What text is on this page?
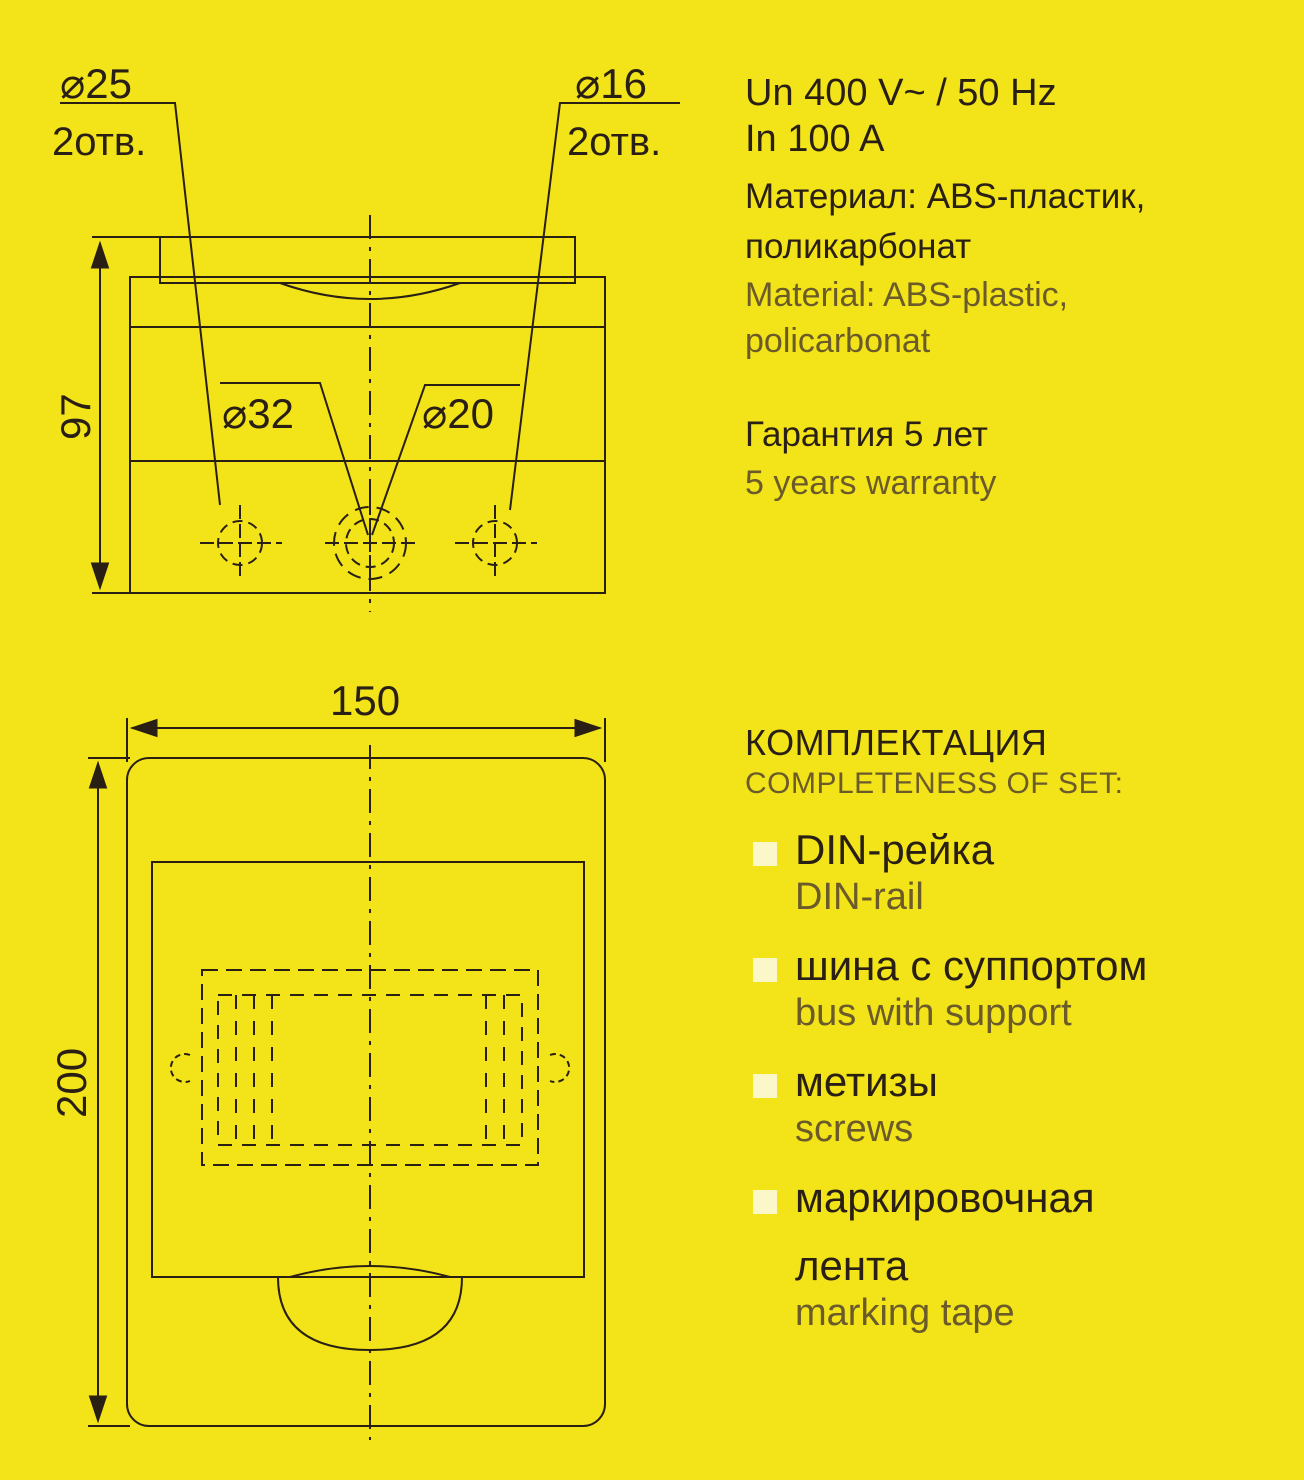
⌀25
2отв.
⌀16
2отв.
⌀32	⌀20
97
150
200
Un 400 V~ / 50 Hz
In 100 A
Материал: ABS-пластик,
поликарбонат
Material: ABS-plastic,
policarbonat
Гарантия 5 лет
5 years warranty
КОМПЛЕКТАЦИЯ
COMPLETENESS OF SET:
DIN-рейка
DIN-rail
шина с суппортом
bus with support
метизы
screws
маркировочная
лента
marking tape
